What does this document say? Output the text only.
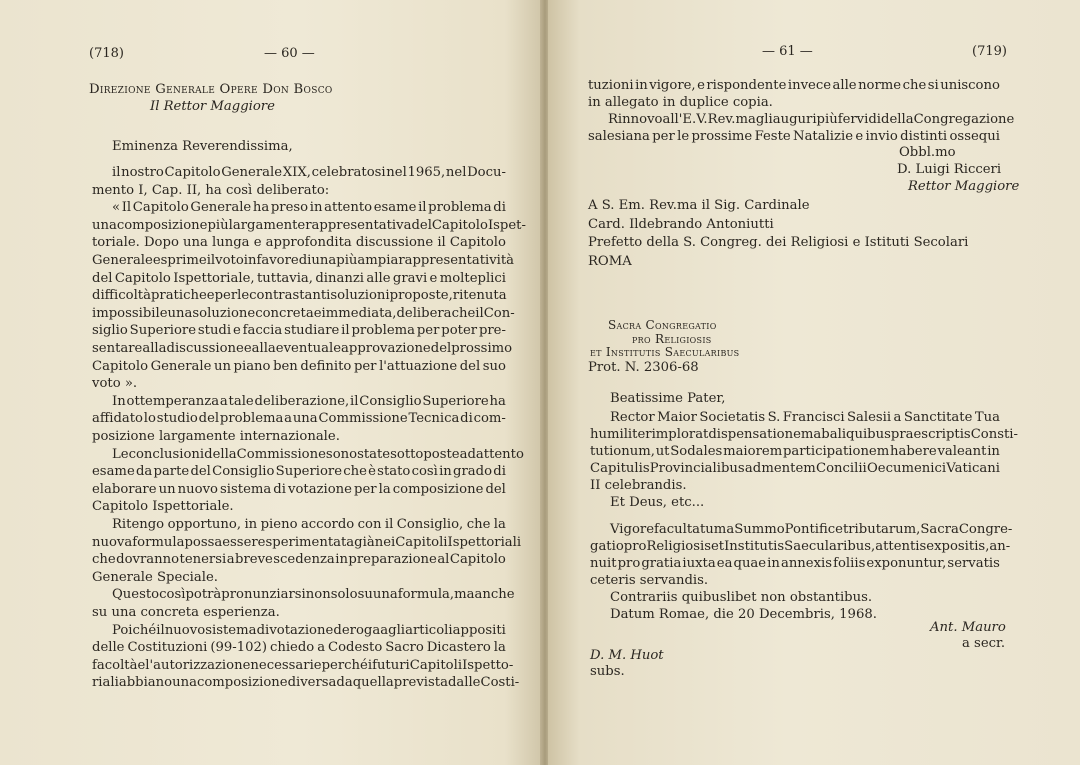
(718)	— 60 —
Direzione Generale Opere Don Bosco
Il Rettor Maggiore
Eminenza Reverendissima,
il nostro Capitolo Generale XIX, celebratosi nel 1965, nel Docu-
mento I, Cap. II, ha così deliberato:
« Il Capitolo Generale ha preso in attento esame il problema di
una composizione più largamente rappresentativa del Capitolo Ispet-
toriale. Dopo una lunga e approfondita discussione il Capitolo
Generale esprime il voto in favore di una più ampia rappresentatività
del Capitolo Ispettoriale, tuttavia, dinanzi alle gravi e molteplici
difficoltà pratiche e per le contrastanti soluzioni proposte, ritenuta
impossibile una soluzione concreta e immediata, delibera che il Con-
siglio Superiore studi e faccia studiare il problema per poter pre-
sentare alla discussione e alla eventuale approvazione del prossimo
Capitolo Generale un piano ben definito per l'attuazione del suo
voto ».
In ottemperanza a tale deliberazione, il Consiglio Superiore ha
affidato lo studio del problema a una Commissione Tecnica di com-
posizione largamente internazionale.
Le conclusioni della Commissione sono state sottoposte ad attento
esame da parte del Consiglio Superiore che è stato così in grado di
elaborare un nuovo sistema di votazione per la composizione del
Capitolo Ispettoriale.
Ritengo opportuno, in pieno accordo con il Consiglio, che la
nuova formula possa essere sperimentata già nei Capitoli Ispettoriali
che dovranno tenersi a breve scedenza in preparazione al Capitolo
Generale Speciale.
Questo così potrà pronunziarsi non solo su una formula, ma anche
su una concreta esperienza.
Poiché il nuovo sistema di votazione deroga agli articoli appositi
delle Costituzioni (99-102) chiedo a Codesto Sacro Dicastero la
facoltà e l'autorizzazione necessarie perché i futuri Capitoli Ispetto-
riali abbiano una composizione diversa da quella prevista dalle Costi-
— 61 —	(719)
tuzioni in vigore, e rispondente invece alle norme che si uniscono
in allegato in duplice copia.
Rinnovo all'E. V. Rev.ma gli auguri più fervidi della Congregazione
salesiana per le prossime Feste Natalizie e invio distinti ossequi
Obbl.mo
D. Luigi Ricceri
Rettor Maggiore
A S. Em. Rev.ma il Sig. Cardinale
Card. Ildebrando Antoniutti
Prefetto della S. Congreg. dei Religiosi e Istituti Secolari
ROMA
Sacra Congregatio
pro Religiosis
et Institutis Saecularibus
Prot. N. 2306-68
Beatissime Pater,
Rector Maior Societatis S. Francisci Salesii a Sanctitate Tua
humiliter implorat dispensationem ab aliquibus praescriptis Consti-
tutionum, ut Sodales maiorem participationem habere valeant in
Capitulis Provincialibus ad mentem Concilii Oecumenici Vaticani
II celebrandis.
Et Deus, etc...
Vigore facultatum a Summo Pontifice tributarum, Sacra Congre-
gatio pro Religiosis et Institutis Saecularibus, attentis expositis, an-
nuit pro gratia iuxta ea quae in annexis foliis exponuntur, servatis
ceteris servandis.
Contrariis quibuslibet non obstantibus.
Datum Romae, die 20 Decembris, 1968.
Ant. Mauro
a secr.
D. M. Huot
subs.
